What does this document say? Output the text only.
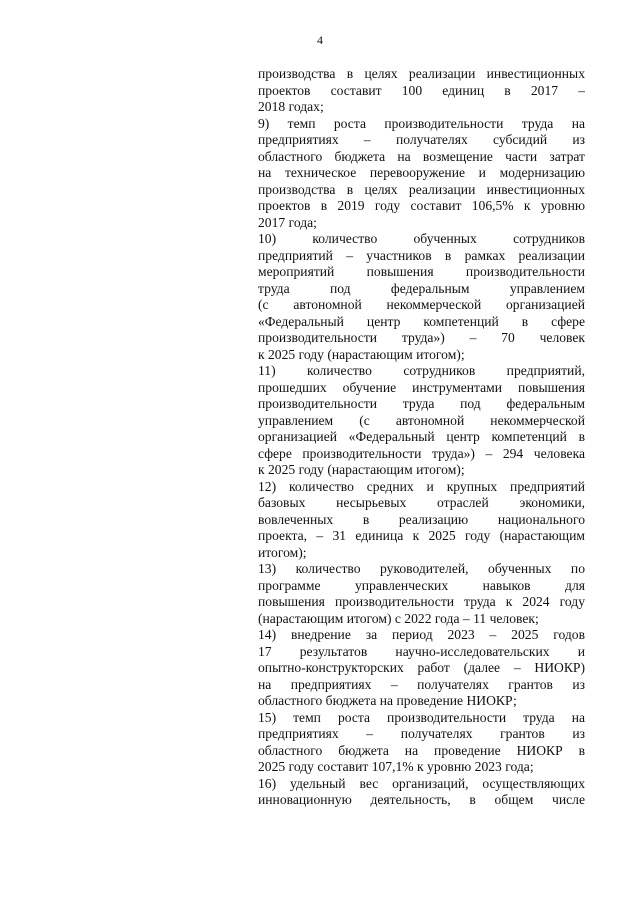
4
производства в целях реализации инвестиционных
проектов составит 100 единиц в 2017 –
2018 годах;
9) темп роста производительности труда на
предприятиях – получателях субсидий из
областного бюджета на возмещение части затрат
на техническое перевооружение и модернизацию
производства в целях реализации инвестиционных
проектов в 2019 году составит 106,5% к уровню
2017 года;
10) количество обученных сотрудников
предприятий – участников в рамках реализации
мероприятий повышения производительности
труда под федеральным управлением
(с автономной некоммерческой организацией
«Федеральный центр компетенций в сфере
производительности труда») – 70 человек
к 2025 году (нарастающим итогом);
11) количество сотрудников предприятий,
прошедших обучение инструментами повышения
производительности труда под федеральным
управлением (с автономной некоммерческой
организацией «Федеральный центр компетенций в
сфере производительности труда») – 294 человека
к 2025 году (нарастающим итогом);
12) количество средних и крупных предприятий
базовых несырьевых отраслей экономики,
вовлеченных в реализацию национального
проекта, – 31 единица к 2025 году (нарастающим
итогом);
13) количество руководителей, обученных по
программе управленческих навыков для
повышения производительности труда к 2024 году
(нарастающим итогом) с 2022 года – 11 человек;
14) внедрение за период 2023 – 2025 годов
17 результатов научно-исследовательских и
опытно-конструкторских работ (далее – НИОКР)
на предприятиях – получателях грантов из
областного бюджета на проведение НИОКР;
15) темп роста производительности труда на
предприятиях – получателях грантов из
областного бюджета на проведение НИОКР в
2025 году составит 107,1% к уровню 2023 года;
16) удельный вес организаций, осуществляющих
инновационную деятельность, в общем числе
